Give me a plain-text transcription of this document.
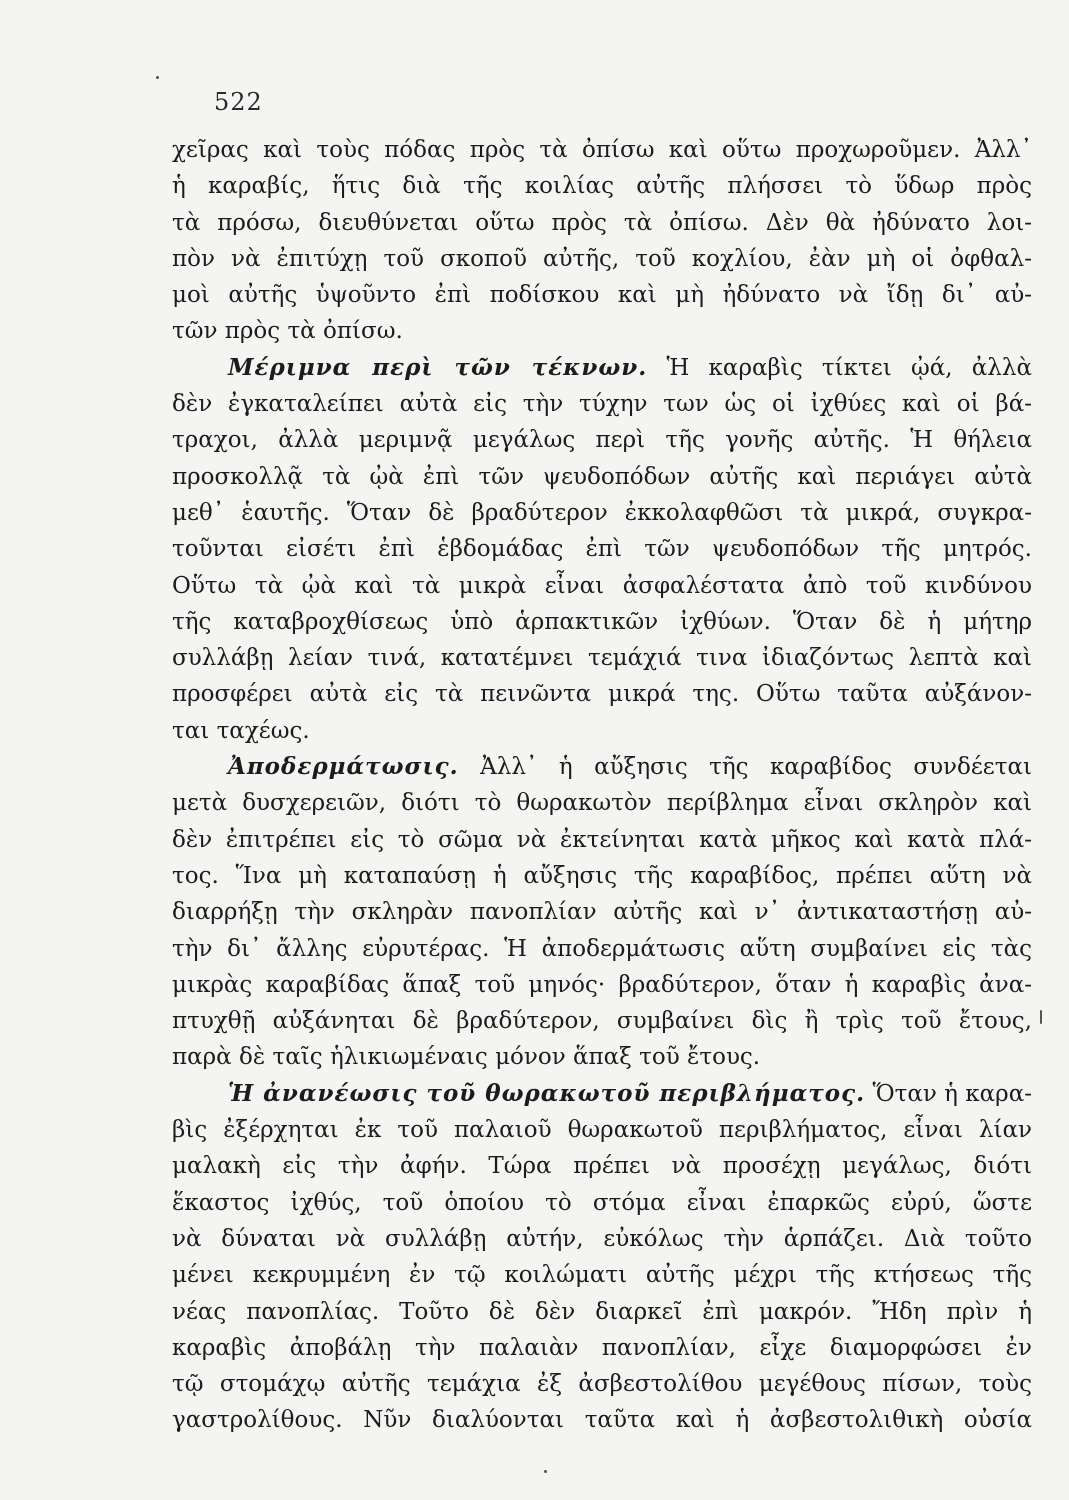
522
χεῖρας καὶ τοὺς πόδας πρὸς τὰ ὀπίσω καὶ οὕτω προχωροῦμεν. Ἀλλ᾽
ἡ καραβίς, ἥτις διὰ τῆς κοιλίας αὐτῆς πλήσσει τὸ ὕδωρ πρὸς
τὰ πρόσω, διευθύνεται οὕτω πρὸς τὰ ὀπίσω. Δὲν θὰ ἠδύνατο λοι-
πὸν νὰ ἐπιτύχῃ τοῦ σκοποῦ αὐτῆς, τοῦ κοχλίου, ἐὰν μὴ οἱ ὀφθαλ-
μοὶ αὐτῆς ὑψοῦντο ἐπὶ ποδίσκου καὶ μὴ ἠδύνατο νὰ ἴδῃ δι᾽ αὐ-
τῶν πρὸς τὰ ὀπίσω.
Μέριμνα περὶ τῶν τέκνων. Ἡ καραβὶς τίκτει ᾠά, ἀλλὰ
δὲν ἐγκαταλείπει αὐτὰ εἰς τὴν τύχην των ὡς οἱ ἰχθύες καὶ οἱ βά-
τραχοι, ἀλλὰ μεριμνᾷ μεγάλως περὶ τῆς γονῆς αὐτῆς. Ἡ θήλεια
προσκολλᾷ τὰ ᾠὰ ἐπὶ τῶν ψευδοπόδων αὐτῆς καὶ περιάγει αὐτὰ
μεθ᾽ ἑαυτῆς. Ὅταν δὲ βραδύτερον ἐκκολαφθῶσι τὰ μικρά, συγκρα-
τοῦνται εἰσέτι ἐπὶ ἑβδομάδας ἐπὶ τῶν ψευδοπόδων τῆς μητρός.
Οὕτω τὰ ᾠὰ καὶ τὰ μικρὰ εἶναι ἀσφαλέστατα ἀπὸ τοῦ κινδύνου
τῆς καταβροχθίσεως ὑπὸ ἁρπακτικῶν ἰχθύων. Ὅταν δὲ ἡ μήτηρ
συλλάβῃ λείαν τινά, κατατέμνει τεμάχιά τινα ἰδιαζόντως λεπτὰ καὶ
προσφέρει αὐτὰ εἰς τὰ πεινῶντα μικρά της. Οὕτω ταῦτα αὐξάνον-
ται ταχέως.
Ἀποδερμάτωσις. Ἀλλ᾽ ἡ αὔξησις τῆς καραβίδος συνδέεται
μετὰ δυσχερειῶν, διότι τὸ θωρακωτὸν περίβλημα εἶναι σκληρὸν καὶ
δὲν ἐπιτρέπει εἰς τὸ σῶμα νὰ ἐκτείνηται κατὰ μῆκος καὶ κατὰ πλά-
τος. Ἵνα μὴ καταπαύσῃ ἡ αὔξησις τῆς καραβίδος, πρέπει αὕτη νὰ
διαρρήξῃ τὴν σκληρὰν πανοπλίαν αὐτῆς καὶ ν᾽ ἀντικαταστήσῃ αὐ-
τὴν δι᾽ ἄλλης εὐρυτέρας. Ἡ ἀποδερμάτωσις αὕτη συμβαίνει εἰς τὰς
μικρὰς καραβίδας ἅπαξ τοῦ μηνός· βραδύτερον, ὅταν ἡ καραβὶς ἀνα-
πτυχθῇ αὐξάνηται δὲ βραδύτερον, συμβαίνει δὶς ἢ τρὶς τοῦ ἔτους,
παρὰ δὲ ταῖς ἡλικιωμέναις μόνον ἅπαξ τοῦ ἔτους.
Ἡ ἀνανέωσις τοῦ θωρακωτοῦ περιβλήματος. Ὅταν ἡ καρα-
βὶς ἐξέρχηται ἐκ τοῦ παλαιοῦ θωρακωτοῦ περιβλήματος, εἶναι λίαν
μαλακὴ εἰς τὴν ἀφήν. Τώρα πρέπει νὰ προσέχῃ μεγάλως, διότι
ἕκαστος ἰχθύς, τοῦ ὁποίου τὸ στόμα εἶναι ἐπαρκῶς εὐρύ, ὥστε
νὰ δύναται νὰ συλλάβῃ αὐτήν, εὐκόλως τὴν ἁρπάζει. Διὰ τοῦτο
μένει κεκρυμμένη ἐν τῷ κοιλώματι αὐτῆς μέχρι τῆς κτήσεως τῆς
νέας πανοπλίας. Τοῦτο δὲ δὲν διαρκεῖ ἐπὶ μακρόν. Ἤδη πρὶν ἡ
καραβὶς ἀποβάλῃ τὴν παλαιὰν πανοπλίαν, εἶχε διαμορφώσει ἐν
τῷ στομάχῳ αὐτῆς τεμάχια ἐξ ἀσβεστολίθου μεγέθους πίσων, τοὺς
γαστρολίθους. Νῦν διαλύονται ταῦτα καὶ ἡ ἀσβεστολιθικὴ οὐσία
